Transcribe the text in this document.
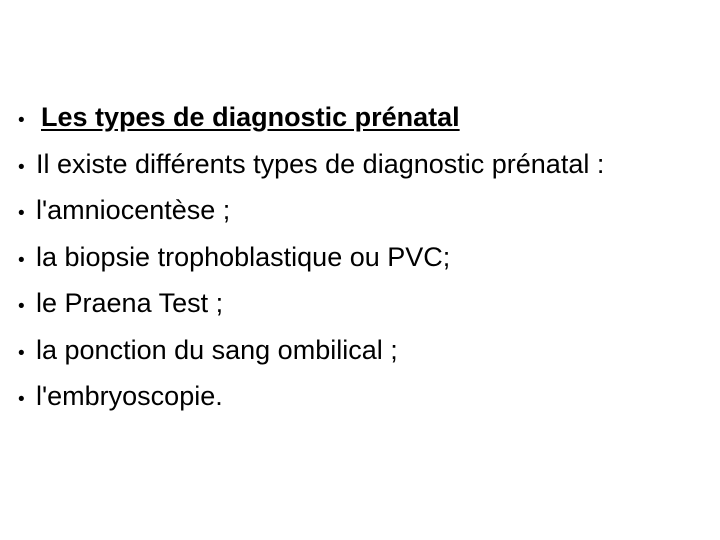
• Les types de diagnostic prénatal
• Il existe différents types de diagnostic prénatal :
• l'amniocentèse ;
• la biopsie trophoblastique ou PVC;
• le Praena Test ;
• la ponction du sang ombilical ;
• l'embryoscopie.
